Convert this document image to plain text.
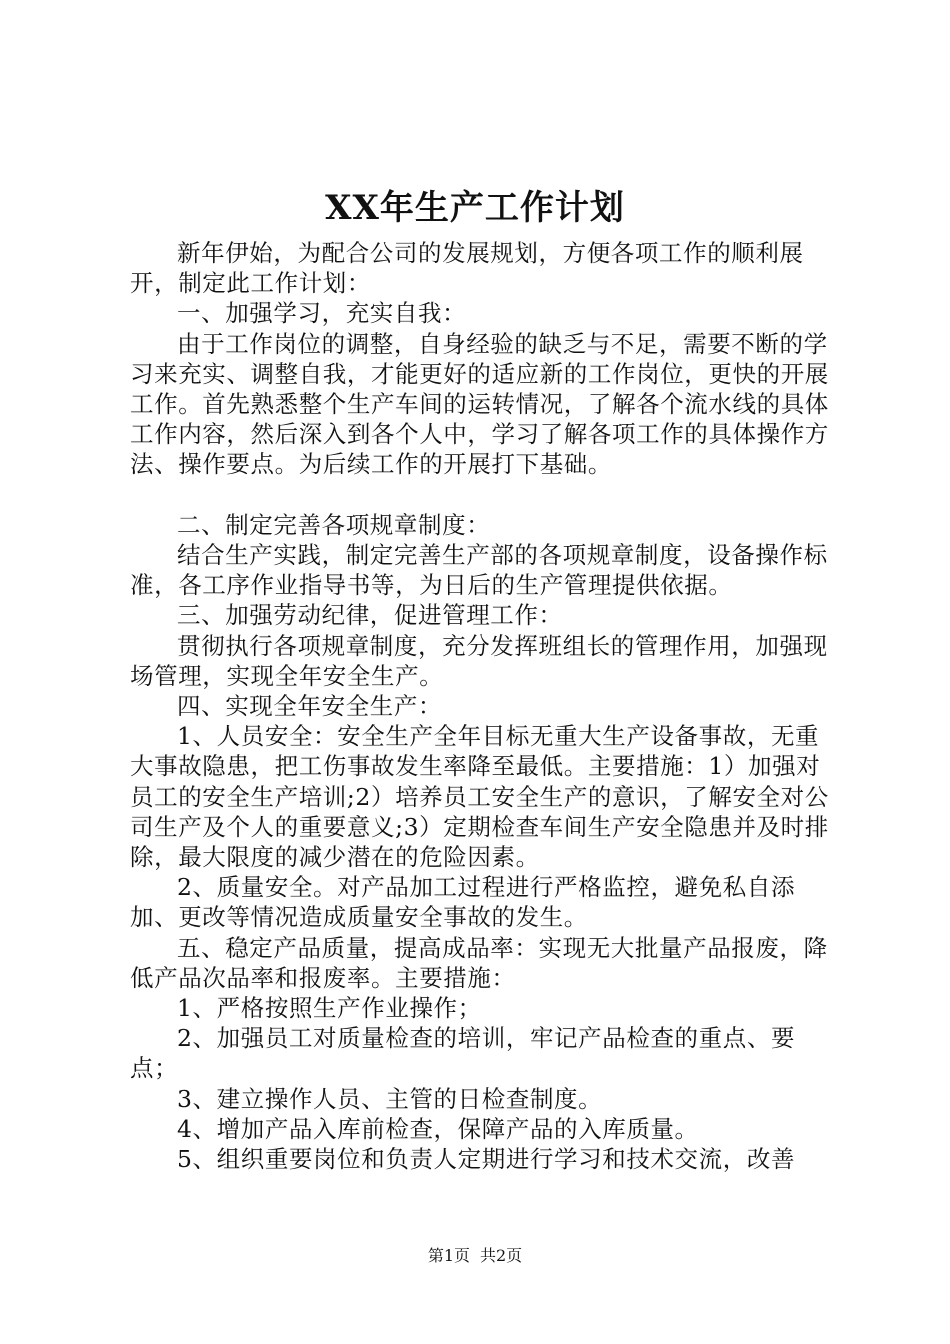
XX年生产工作计划

新年伊始，为配合公司的发展规划，方便各项工作的顺利展开，制定此工作计划：

一、加强学习，充实自我：

由于工作岗位的调整，自身经验的缺乏与不足，需要不断的学习来充实、调整自我，才能更好的适应新的工作岗位，更快的开展工作。首先熟悉整个生产车间的运转情况，了解各个流水线的具体工作内容，然后深入到各个人中，学习了解各项工作的具体操作方法、操作要点。为后续工作的开展打下基础。

二、制定完善各项规章制度：

结合生产实践，制定完善生产部的各项规章制度，设备操作标准，各工序作业指导书等，为日后的生产管理提供依据。

三、加强劳动纪律，促进管理工作：

贯彻执行各项规章制度，充分发挥班组长的管理作用，加强现场管理，实现全年安全生产。

四、实现全年安全生产：

1、人员安全：安全生产全年目标无重大生产设备事故，无重大事故隐患，把工伤事故发生率降至最低。主要措施：1）加强对员工的安全生产培训;2）培养员工安全生产的意识，了解安全对公司生产及个人的重要意义;3）定期检查车间生产安全隐患并及时排除，最大限度的减少潜在的危险因素。

2、质量安全。对产品加工过程进行严格监控，避免私自添加、更改等情况造成质量安全事故的发生。

五、稳定产品质量，提高成品率：实现无大批量产品报废，降低产品次品率和报废率。主要措施：

1、严格按照生产作业操作；

2、加强员工对质量检查的培训，牢记产品检查的重点、要点；

3、建立操作人员、主管的日检查制度。

4、增加产品入库前检查，保障产品的入库质量。

5、组织重要岗位和负责人定期进行学习和技术交流，改善

第1页 共2页
